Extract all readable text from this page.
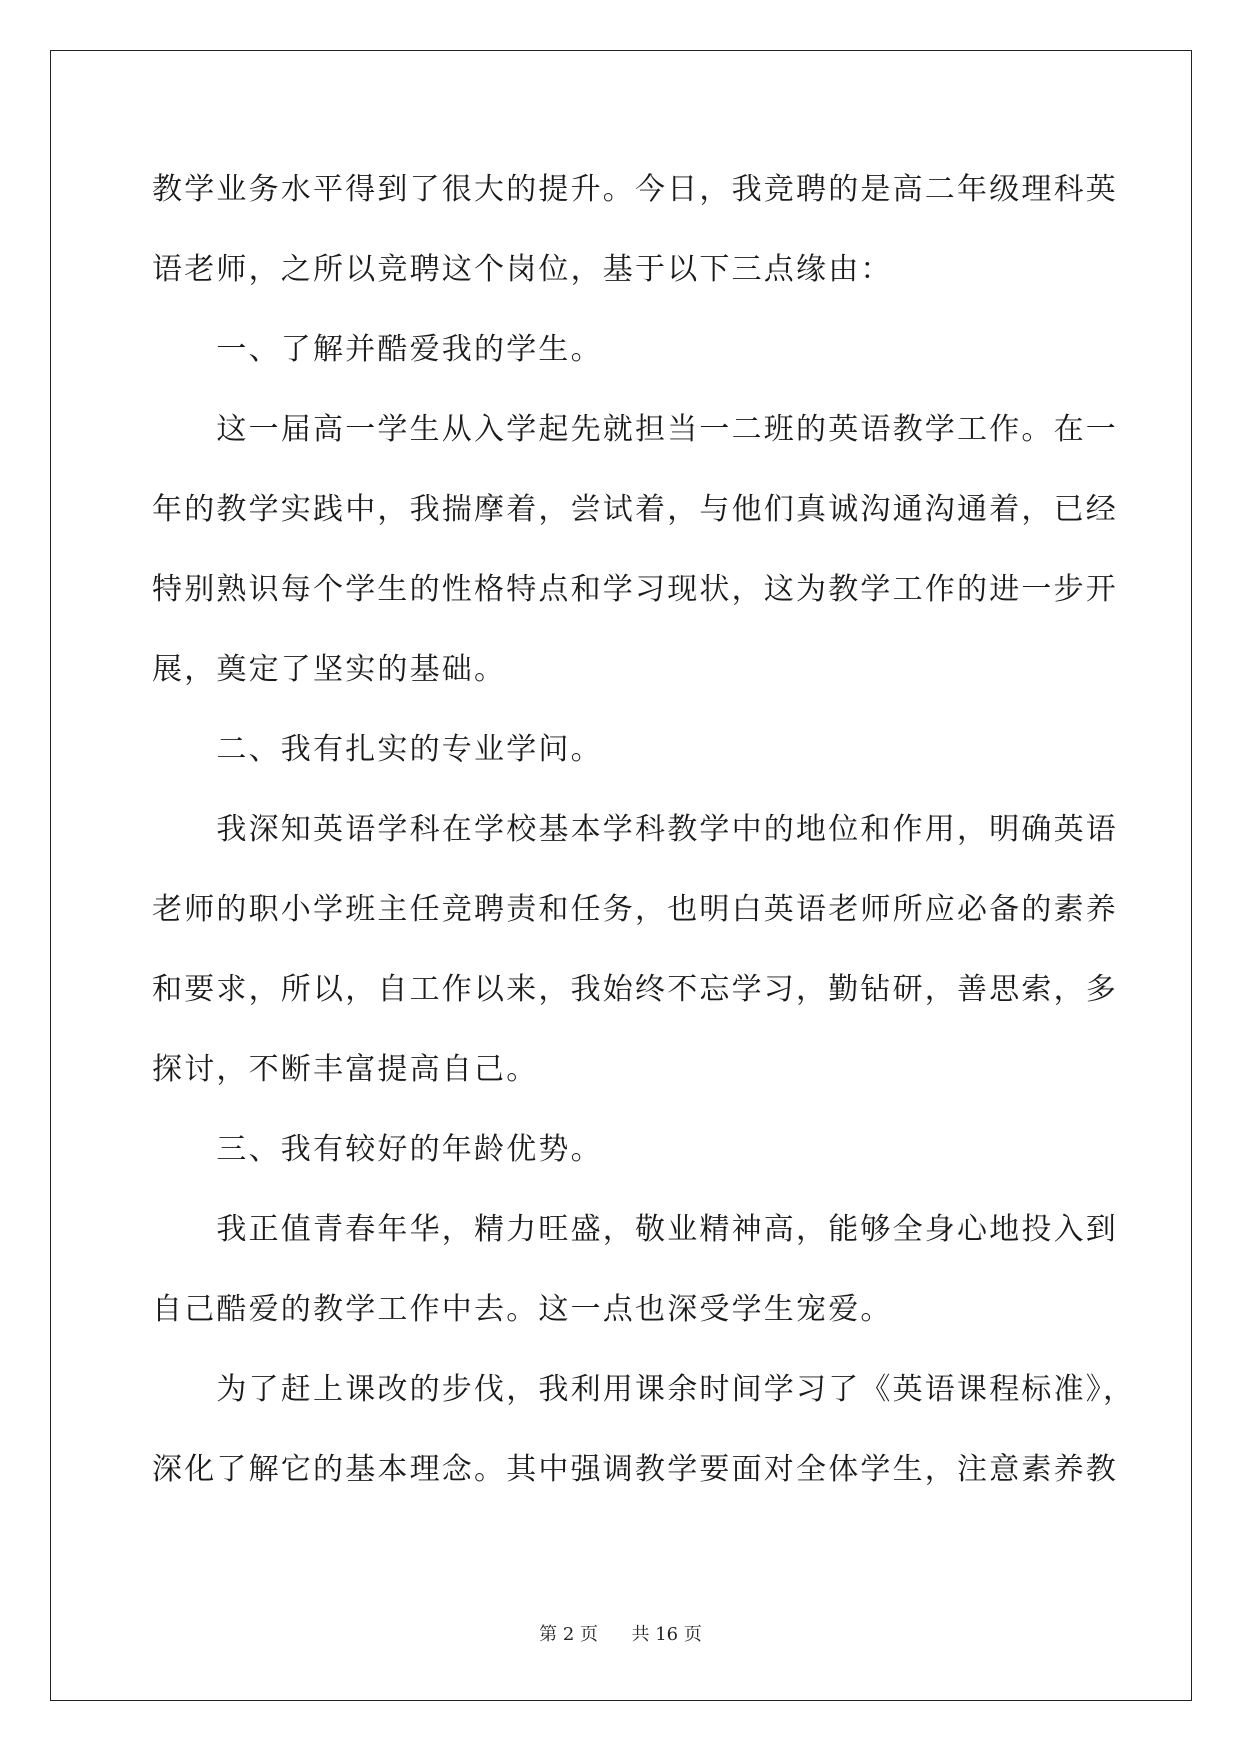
教学业务水平得到了很大的提升。今日，我竞聘的是高二年级理科英
语老师，之所以竞聘这个岗位，基于以下三点缘由：
　　一、了解并酷爱我的学生。
　　这一届高一学生从入学起先就担当一二班的英语教学工作。在一
年的教学实践中，我揣摩着，尝试着，与他们真诚沟通沟通着，已经
特别熟识每个学生的性格特点和学习现状，这为教学工作的进一步开
展，奠定了坚实的基础。
　　二、我有扎实的专业学问。
　　我深知英语学科在学校基本学科教学中的地位和作用，明确英语
老师的职小学班主任竞聘责和任务，也明白英语老师所应必备的素养
和要求，所以，自工作以来，我始终不忘学习，勤钻研，善思索，多
探讨，不断丰富提高自己。
　　三、我有较好的年龄优势。
　　我正值青春年华，精力旺盛，敬业精神高，能够全身心地投入到
自己酷爱的教学工作中去。这一点也深受学生宠爱。
　　为了赶上课改的步伐，我利用课余时间学习了《英语课程标准》，
深化了解它的基本理念。其中强调教学要面对全体学生，注意素养教
第 2 页 共 16 页
